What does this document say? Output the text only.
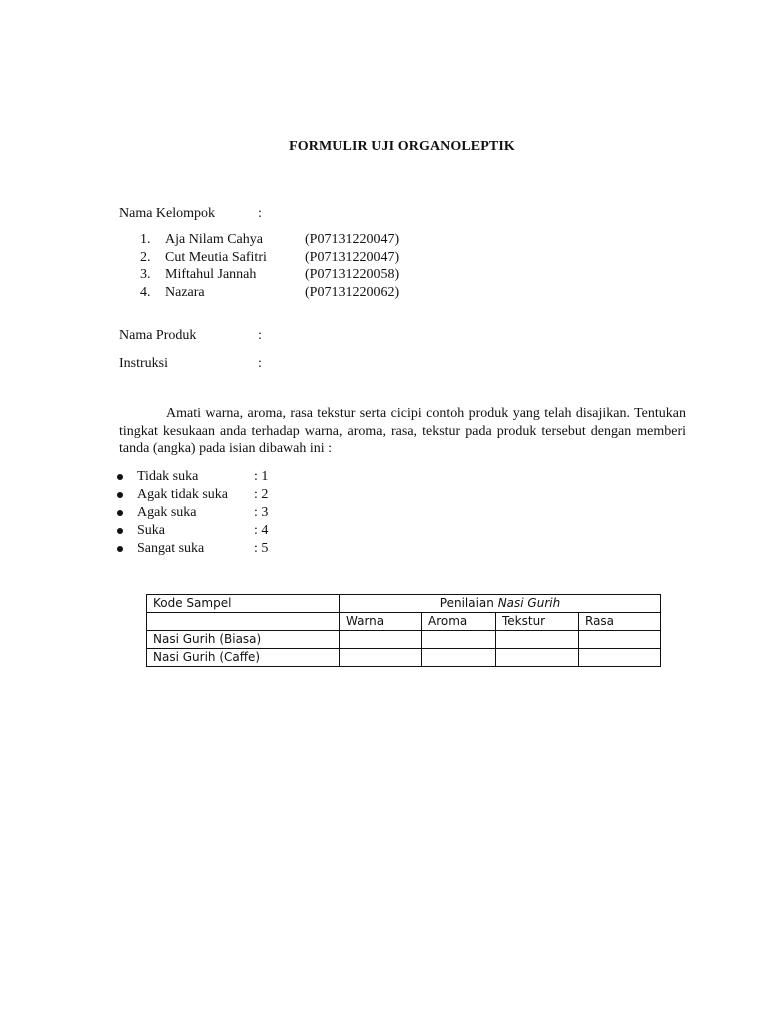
FORMULIR UJI ORGANOLEPTIK
Nama Kelompok	:
1.	Aja Nilam Cahya	(P07131220047)
2.	Cut Meutia Safitri	(P07131220047)
3.	Miftahul Jannah	(P07131220058)
4.	Nazara	(P07131220062)
Nama Produk	:
Instruksi	:

Amati warna, aroma, rasa tekstur serta cicipi contoh produk yang telah disajikan. Tentukan tingkat kesukaan anda terhadap warna, aroma, rasa, tekstur pada produk tersebut dengan memberi tanda (angka) pada isian dibawah ini :

Tidak suka	: 1
Agak tidak suka	: 2
Agak suka	: 3
Suka	: 4
Sangat suka	: 5
Kode Sampel	Penilaian Nasi Gurih			
	Warna	Aroma	Tekstur	Rasa
Nasi Gurih (Biasa)				
Nasi Gurih (Caffe)				
